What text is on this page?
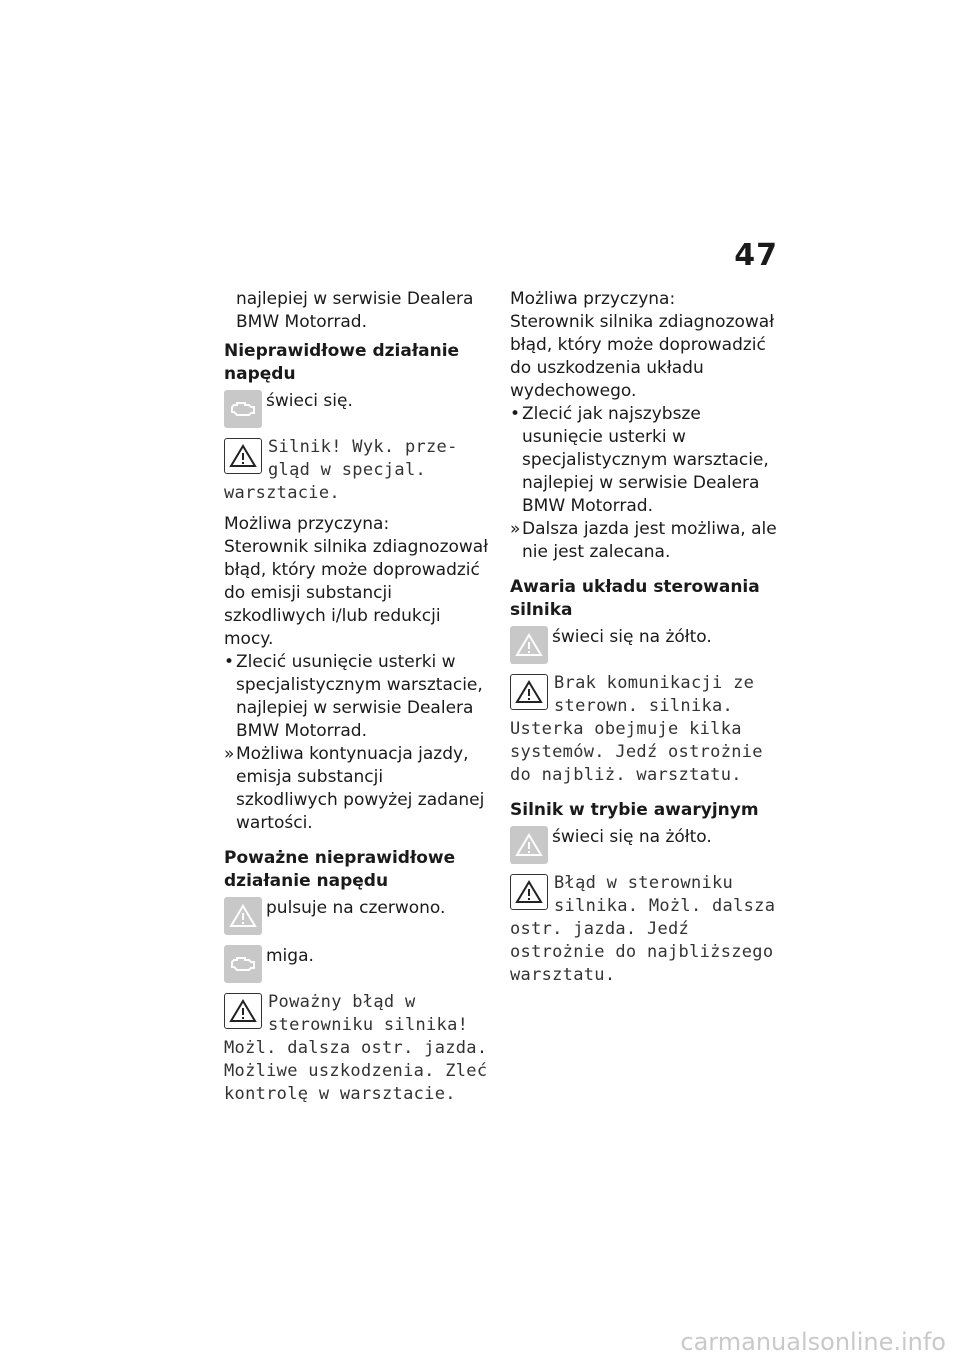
47

najlepiej w serwisie Dealera BMW Motorrad.

Nieprawidłowe działanie napędu

świeci się.

Silnik! Wyk. prze-gląd w specjal. warsztacie.

Możliwa przyczyna:

Sterownik silnika zdiagnozował błąd, który może doprowadzić do emisji substancji szkodliwych i/lub redukcji mocy.

• Zlecić usunięcie usterki w specjalistycznym warsztacie, najlepiej w serwisie Dealera BMW Motorrad.
» Możliwa kontynuacja jazdy, emisja substancji szkodliwych powyżej zadanej wartości.

Poważne nieprawidłowe działanie napędu

pulsuje na czerwono.

miga.

Poważny błąd w sterowniku silnika! Możl. dalsza ostr. jazda. Możliwe uszkodzenia. Zleć kontrolę w warsztacie.

Możliwa przyczyna:

Sterownik silnika zdiagnozował błąd, który może doprowadzić do uszkodzenia układu wydechowego.

• Zlecić jak najszybsze usunięcie usterki w specjalistycznym warsztacie, najlepiej w serwisie Dealera BMW Motorrad.
» Dalsza jazda jest możliwa, ale nie jest zalecana.

Awaria układu sterowania silnika

świeci się na żółto.

Brak komunikacji ze sterown. silnika. Usterka obejmuje kilka systemów. Jedź ostrożnie do najbliż. warsztatu.

Silnik w trybie awaryjnym

świeci się na żółto.

Błąd w sterowniku silnika. Możl. dalsza ostr. jazda. Jedź ostrożnie do najbliższego warsztatu.

carmanualsonline.info
